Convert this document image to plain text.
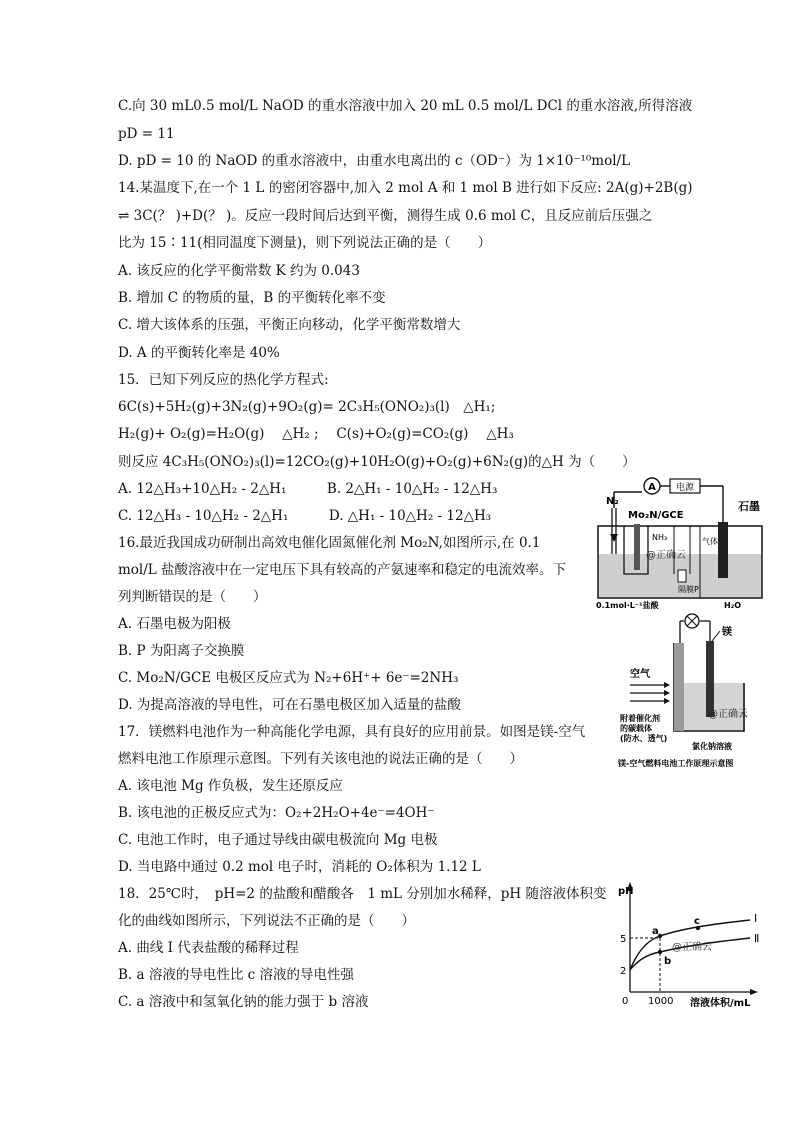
C.向 30 mL0.5 mol/L NaOD 的重水溶液中加入 20 mL 0.5 mol/L DCl 的重水溶液,所得溶液
pD = 11
D. pD = 10 的 NaOD 的重水溶液中，由重水电离出的 c（OD⁻）为 1×10⁻¹⁰mol/L
14.某温度下,在一个 1 L 的密闭容器中,加入 2 mol A 和 1 mol B 进行如下反应: 2A(g)+2B(g)
⇌ 3C(？ )+D(？ )。反应一段时间后达到平衡，测得生成 0.6 mol C，且反应前后压强之
比为 15∶11(相同温度下测量)，则下列说法正确的是（　　）
A. 该反应的化学平衡常数 K 约为 0.043
B. 增加 C 的物质的量，B 的平衡转化率不变
C. 增大该体系的压强，平衡正向移动，化学平衡常数增大
D. A 的平衡转化率是 40%
15．已知下列反应的热化学方程式:
6C(s)+5H₂(g)+3N₂(g)+9O₂(g)= 2C₃H₅(ONO₂)₃(l)　△H₁;
H₂(g)+ O₂(g)=H₂O(g)　 △H₂ ;　 C(s)+O₂(g)=CO₂(g)　 △H₃
则反应 4C₃H₅(ONO₂)₃(l)=12CO₂(g)+10H₂O(g)+O₂(g)+6N₂(g)的△H 为（　　）
A. 12△H₃+10△H₂ - 2△H₁　　　B. 2△H₁ - 10△H₂ - 12△H₃
C. 12△H₃ - 10△H₂ - 2△H₁　　　D. △H₁ - 10△H₂ - 12△H₃
16.最近我国成功研制出高效电催化固氮催化剂 Mo₂N,如图所示,在 0.1
mol/L 盐酸溶液中在一定电压下具有较高的产氨速率和稳定的电流效率。下
列判断错误的是（　　）
A. 石墨电极为阳极
B. P 为阳离子交换膜
C. Mo₂N/GCE 电极区反应式为 N₂+6H⁺+ 6e⁻=2NH₃
D. 为提高溶液的导电性，可在石墨电极区加入适量的盐酸
17．镁燃料电池作为一种高能化学电源，具有良好的应用前景。如图是镁-空气
燃料电池工作原理示意图。下列有关该电池的说法正确的是（　　）
A. 该电池 Mg 作负极，发生还原反应
B. 该电池的正极反应式为：O₂+2H₂O+4e⁻=4OH⁻
C. 电池工作时，电子通过导线由碳电极流向 Mg 电极
D. 当电路中通过 0.2 mol 电子时，消耗的 O₂体积为 1.12 L
18．25℃时，　pH=2 的盐酸和醋酸各　1 mL 分别加水稀释，pH 随溶液体积变
化的曲线如图所示，下列说法不正确的是（　　）
A. 曲线 I 代表盐酸的稀释过程
B. a 溶液的导电性比 c 溶液的导电性强
C. a 溶液中和氢氧化钠的能力强于 b 溶液
A 电源
石墨
N₂
Mo₂N/GCE
NH₃
隔膜P
气体
@正确云
0.1mol·L⁻¹盐酸	H₂O
镁
空气
附着催化剂
的碳载体
(防水、透气)
@正确云
氯化钠溶液
镁-空气燃料电池工作原理示意图
pH
溶液体积/mL
5
2
0 1000
a
b
c	Ⅰ
Ⅱ
@正确云
